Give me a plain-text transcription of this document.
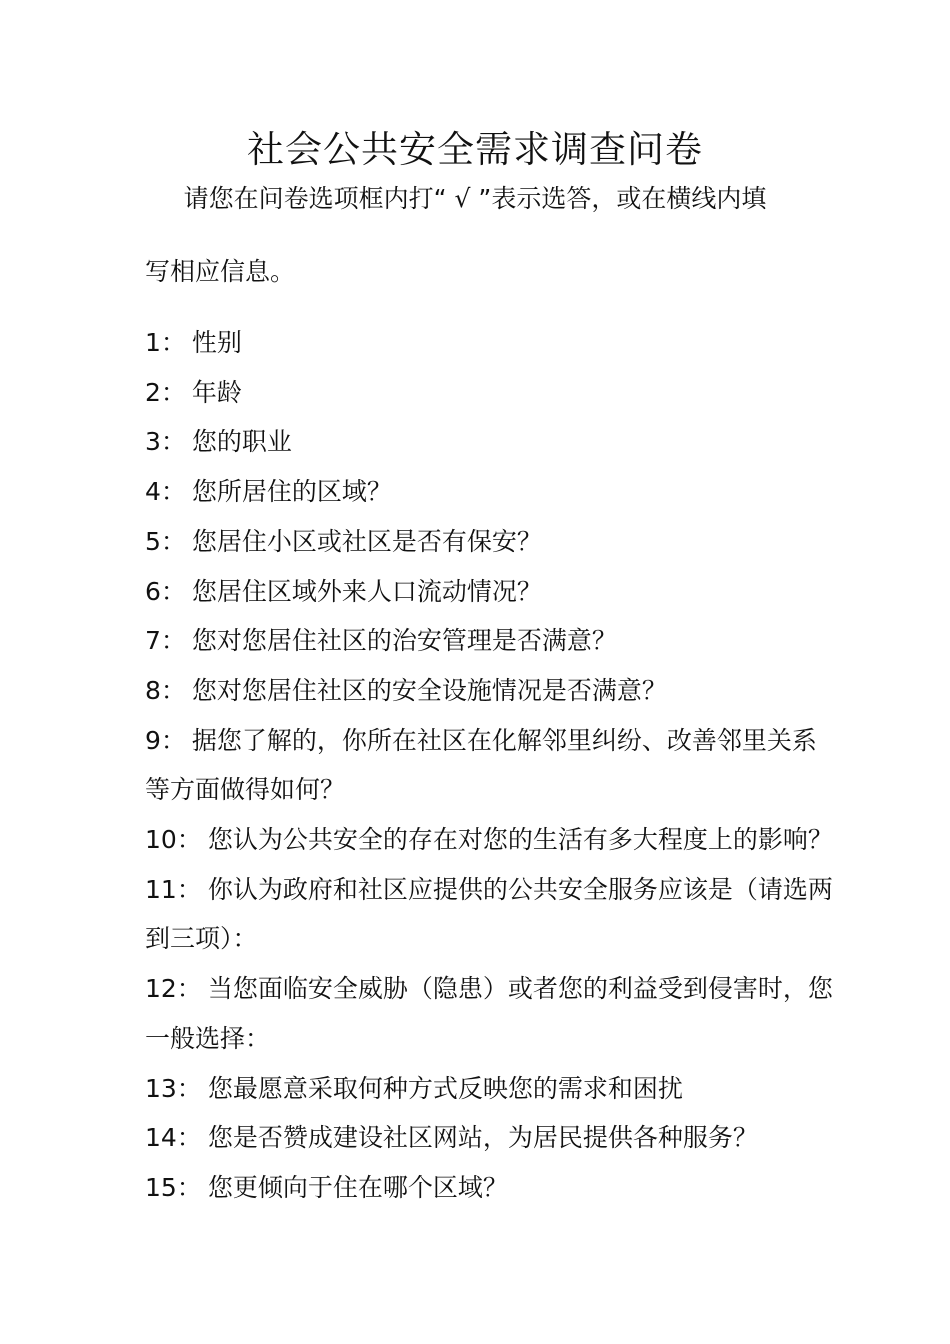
社会公共安全需求调查问卷

请您在问卷选项框内打“ √ ”表示选答，或在横线内填

写相应信息。

1： 性别
2： 年龄
3： 您的职业
4： 您所居住的区域？
5： 您居住小区或社区是否有保安？
6： 您居住区域外来人口流动情况？
7： 您对您居住社区的治安管理是否满意？
8： 您对您居住社区的安全设施情况是否满意？
9： 据您了解的，你所在社区在化解邻里纠纷、改善邻里关系等方面做得如何？
10： 您认为公共安全的存在对您的生活有多大程度上的影响？
11： 你认为政府和社区应提供的公共安全服务应该是（请选两到三项）：
12： 当您面临安全威胁（隐患）或者您的利益受到侵害时，您一般选择：
13： 您最愿意采取何种方式反映您的需求和困扰
14： 您是否赞成建设社区网站，为居民提供各种服务？
15： 您更倾向于住在哪个区域？
